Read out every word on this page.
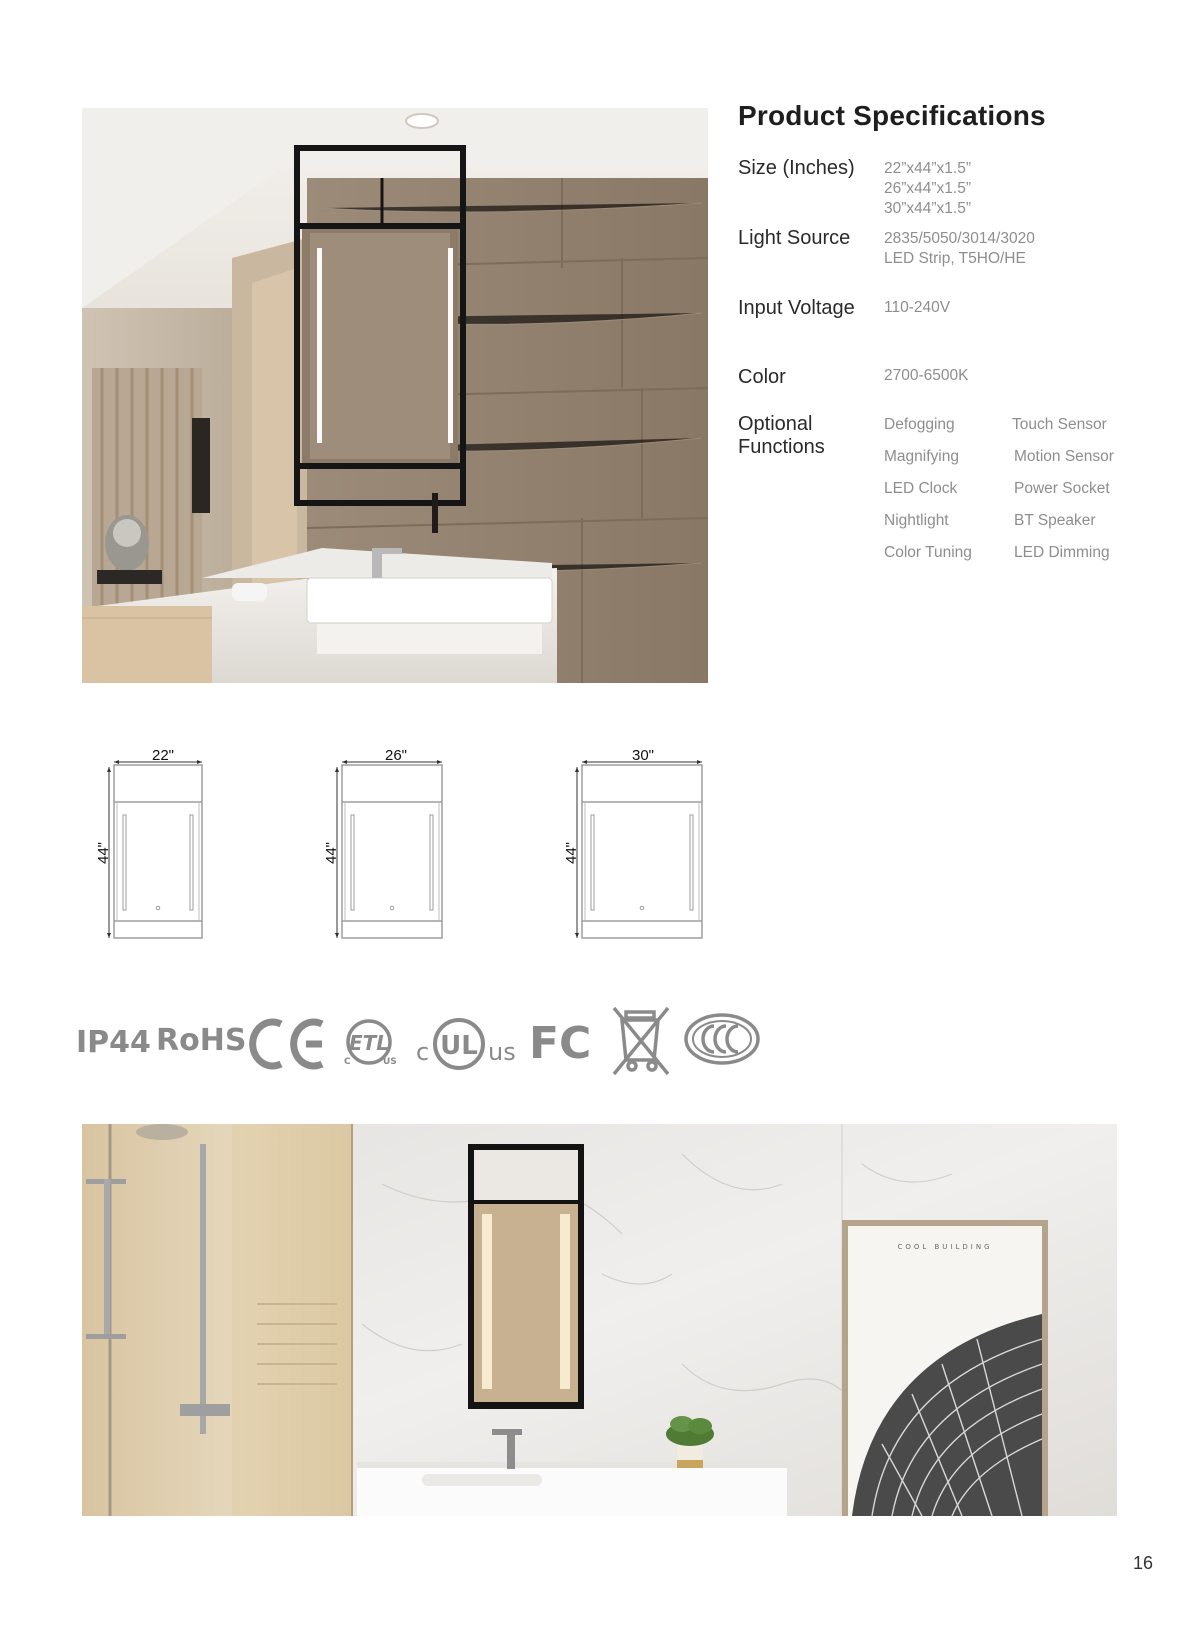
Product Specifications
Size (Inches)	22”x44”x1.5”
26”x44”x1.5”
30”x44”x1.5”
Light Source	2835/5050/3014/3020
LED Strip, T5HO/HE
Input Voltage	110-240V
Color	2700-6500K
Optional
Functions
Defogging	Touch Sensor
Magnifying	Motion Sensor
LED Clock	Power Socket
Nightlight	BT Speaker
Color Tuning	LED Dimming
22"
44"
26"
44"
30"
44"
IP44 RoHS	ETL
C	US c UL us FC
COOL BUILDING
16
